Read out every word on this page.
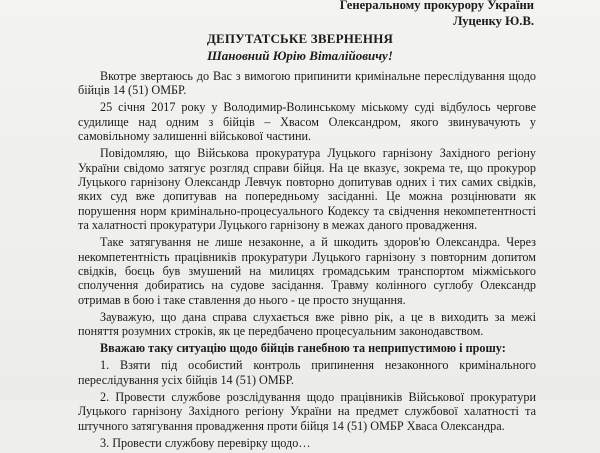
Генеральному прокурору України
Луценку Ю.В.
ДЕПУТАТСЬКЕ ЗВЕРНЕННЯ
Шановний Юрію Віталійовичу!

Вкотре звертаюсь до Вас з вимогою припинити кримінальне переслідування щодо бійців 14 (51) ОМБР.

25 січня 2017 року у Володимир-Волинському міському суді відбулось чергове судилище над одним з бійців – Хвасом Олександром, якого звинувачують у самовільному залишенні військової частини.

Повідомляю, що Військова прокуратура Луцького гарнізону Західного регіону України свідомо затягує розгляд справи бійця. На це вказує, зокрема те, що прокурор Луцького гарнізону Олександр Левчук повторно допитував одних і тих самих свідків, яких суд вже допитував на попередньому засіданні. Це можна розцінювати як порушення норм кримінально-процесуального Кодексу та свідчення некомпетентності та халатності прокуратури Луцького гарнізону в межах даного провадження.

Таке затягування не лише незаконне, а й шкодить здоров'ю Олександра. Через некомпетентність працівників прокуратури Луцького гарнізону з повторним допитом свідків, боєць був змушений на милицях громадським транспортом міжміського сполучення добиратись на судове засідання. Травму колінного суглобу Олександр отримав в бою і таке ставлення до нього - це просто знущання.

Зауважую, що дана справа слухається вже рівно рік, а це в виходить за межі поняття розумних строків, як це передбачено процесуальним законодавством.

Вважаю таку ситуацію щодо бійців ганебною та неприпустимою і прошу:

1. Взяти під особистий контроль припинення незаконного кримінального переслідування усіх бійців 14 (51) ОМБР.

2. Провести службове розслідування щодо працівників Військової прокуратури Луцького гарнізону Західного регіону України на предмет службової халатності та штучного затягування провадження проти бійця 14 (51) ОМБР Хваса Олександра.

3. Провести службову перевірку щодо…
